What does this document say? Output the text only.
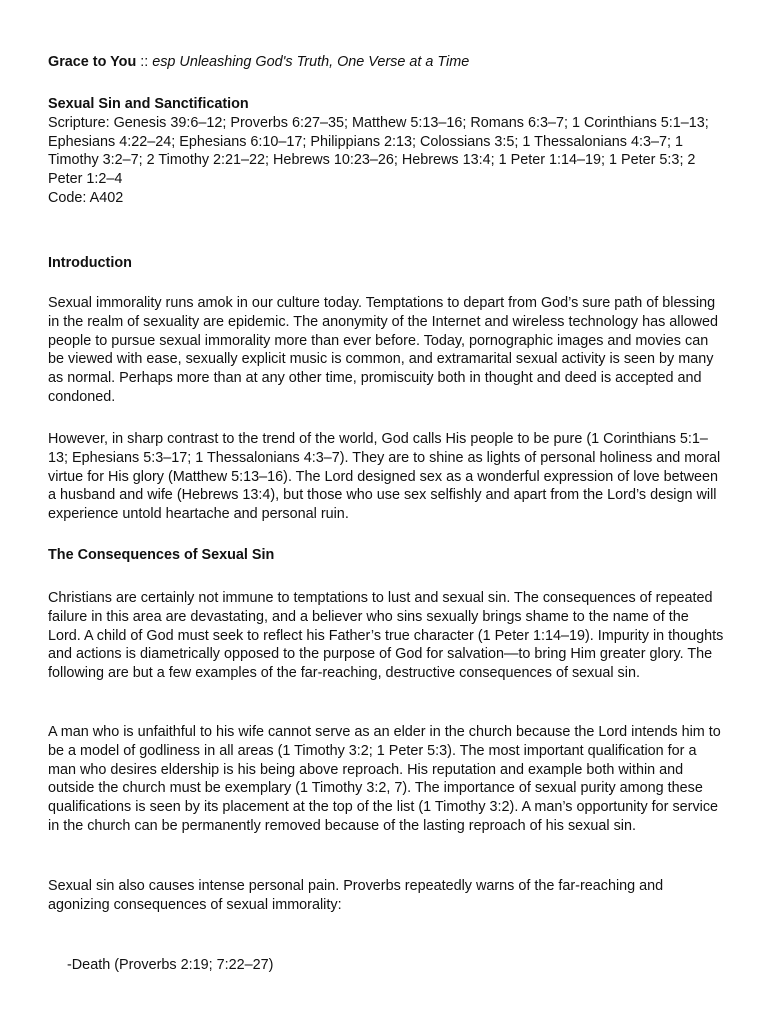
Grace to You :: esp Unleashing God's Truth, One Verse at a Time
Sexual Sin and Sanctification
Scripture: Genesis 39:6–12; Proverbs 6:27–35; Matthew 5:13–16; Romans 6:3–7; 1 Corinthians 5:1–13; Ephesians 4:22–24; Ephesians 6:10–17; Philippians 2:13; Colossians 3:5; 1 Thessalonians 4:3–7; 1 Timothy 3:2–7; 2 Timothy 2:21–22; Hebrews 10:23–26; Hebrews 13:4; 1 Peter 1:14–19; 1 Peter 5:3; 2 Peter 1:2–4
Code: A402
Introduction

Sexual immorality runs amok in our culture today. Temptations to depart from God’s sure path of blessing in the realm of sexuality are epidemic. The anonymity of the Internet and wireless technology has allowed people to pursue sexual immorality more than ever before. Today, pornographic images and movies can be viewed with ease, sexually explicit music is common, and extramarital sexual activity is seen by many as normal. Perhaps more than at any other time, promiscuity both in thought and deed is accepted and condoned.

However, in sharp contrast to the trend of the world, God calls His people to be pure (1 Corinthians 5:1–13; Ephesians 5:3–17; 1 Thessalonians 4:3–7). They are to shine as lights of personal holiness and moral virtue for His glory (Matthew 5:13–16). The Lord designed sex as a wonderful expression of love between a husband and wife (Hebrews 13:4), but those who use sex selfishly and apart from the Lord’s design will experience untold heartache and personal ruin.

The Consequences of Sexual Sin

Christians are certainly not immune to temptations to lust and sexual sin. The consequences of repeated failure in this area are devastating, and a believer who sins sexually brings shame to the name of the Lord. A child of God must seek to reflect his Father’s true character (1 Peter 1:14–19). Impurity in thoughts and actions is diametrically opposed to the purpose of God for salvation—to bring Him greater glory. The following are but a few examples of the far-reaching, destructive consequences of sexual sin.

A man who is unfaithful to his wife cannot serve as an elder in the church because the Lord intends him to be a model of godliness in all areas (1 Timothy 3:2; 1 Peter 5:3). The most important qualification for a man who desires eldership is his being above reproach. His reputation and example both within and outside the church must be exemplary (1 Timothy 3:2, 7). The importance of sexual purity among these qualifications is seen by its placement at the top of the list (1 Timothy 3:2). A man’s opportunity for service in the church can be permanently removed because of the lasting reproach of his sexual sin.

Sexual sin also causes intense personal pain. Proverbs repeatedly warns of the far-reaching and agonizing consequences of sexual immorality:

-Death (Proverbs 2:19; 7:22–27)
